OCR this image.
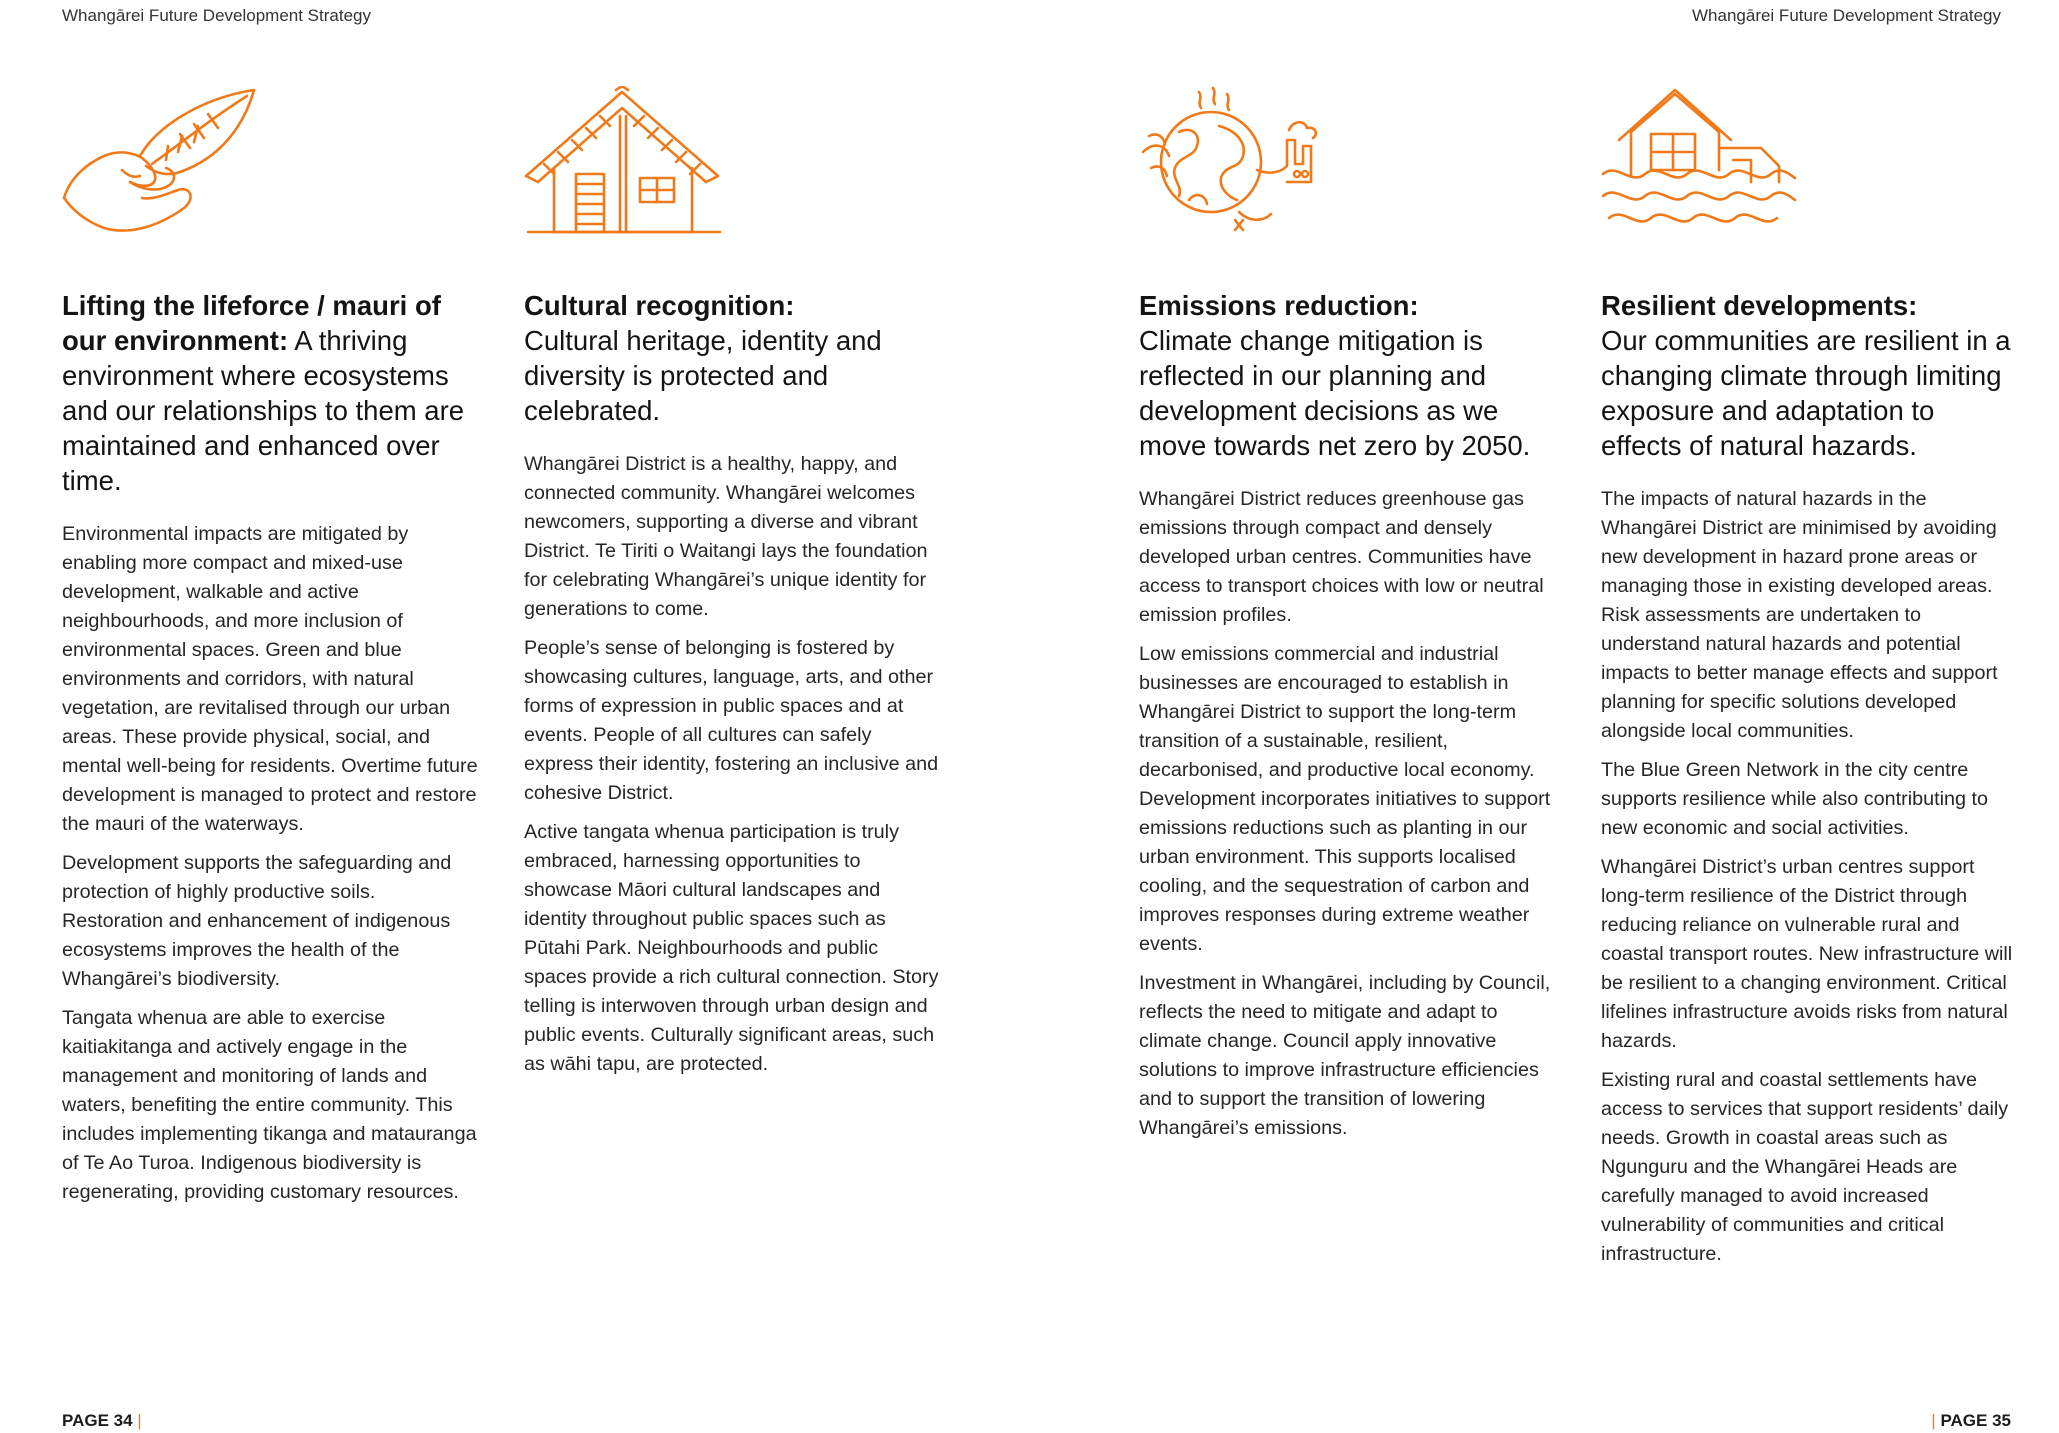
Whangārei Future Development Strategy	Whangārei Future Development Strategy
Lifting the lifeforce / mauri of our environment: A thriving environment where ecosystems and our relationships to them are maintained and enhanced over time.

Environmental impacts are mitigated by enabling more compact and mixed-use development, walkable and active neighbourhoods, and more inclusion of environmental spaces. Green and blue environments and corridors, with natural vegetation, are revitalised through our urban areas. These provide physical, social, and mental well-being for residents. Overtime future development is managed to protect and restore the mauri of the waterways.

Development supports the safeguarding and protection of highly productive soils. Restoration and enhancement of indigenous ecosystems improves the health of the Whangārei’s biodiversity.

Tangata whenua are able to exercise kaitiakitanga and actively engage in the management and monitoring of lands and waters, benefiting the entire community. This includes implementing tikanga and matauranga of Te Ao Turoa. Indigenous biodiversity is regenerating, providing customary resources.

Cultural recognition:
Cultural heritage, identity and diversity is protected and celebrated.

Whangārei District is a healthy, happy, and connected community. Whangārei welcomes newcomers, supporting a diverse and vibrant District. Te Tiriti o Waitangi lays the foundation for celebrating Whangārei’s unique identity for generations to come.

People’s sense of belonging is fostered by showcasing cultures, language, arts, and other forms of expression in public spaces and at events. People of all cultures can safely express their identity, fostering an inclusive and cohesive District.

Active tangata whenua participation is truly embraced, harnessing opportunities to showcase Māori cultural landscapes and identity throughout public spaces such as Pūtahi Park. Neighbourhoods and public spaces provide a rich cultural connection. Story telling is interwoven through urban design and public events. Culturally significant areas, such as wāhi tapu, are protected.

Emissions reduction:
Climate change mitigation is reflected in our planning and development decisions as we move towards net zero by 2050.

Whangārei District reduces greenhouse gas emissions through compact and densely developed urban centres. Communities have access to transport choices with low or neutral emission profiles.

Low emissions commercial and industrial businesses are encouraged to establish in Whangārei District to support the long-term transition of a sustainable, resilient, decarbonised, and productive local economy. Development incorporates initiatives to support emissions reductions such as planting in our urban environment. This supports localised cooling, and the sequestration of carbon and improves responses during extreme weather events.

Investment in Whangārei, including by Council, reflects the need to mitigate and adapt to climate change. Council apply innovative solutions to improve infrastructure efficiencies and to support the transition of lowering Whangārei’s emissions.

Resilient developments:
Our communities are resilient in a changing climate through limiting exposure and adaptation to effects of natural hazards.

The impacts of natural hazards in the Whangārei District are minimised by avoiding new development in hazard prone areas or managing those in existing developed areas. Risk assessments are undertaken to understand natural hazards and potential impacts to better manage effects and support planning for specific solutions developed alongside local communities.

The Blue Green Network in the city centre supports resilience while also contributing to new economic and social activities.

Whangārei District’s urban centres support long-term resilience of the District through reducing reliance on vulnerable rural and coastal transport routes. New infrastructure will be resilient to a changing environment. Critical lifelines infrastructure avoids risks from natural hazards.

Existing rural and coastal settlements have access to services that support residents’ daily needs. Growth in coastal areas such as Ngunguru and the Whangārei Heads are carefully managed to avoid increased vulnerability of communities and critical infrastructure.

PAGE 34 |	| PAGE 35
